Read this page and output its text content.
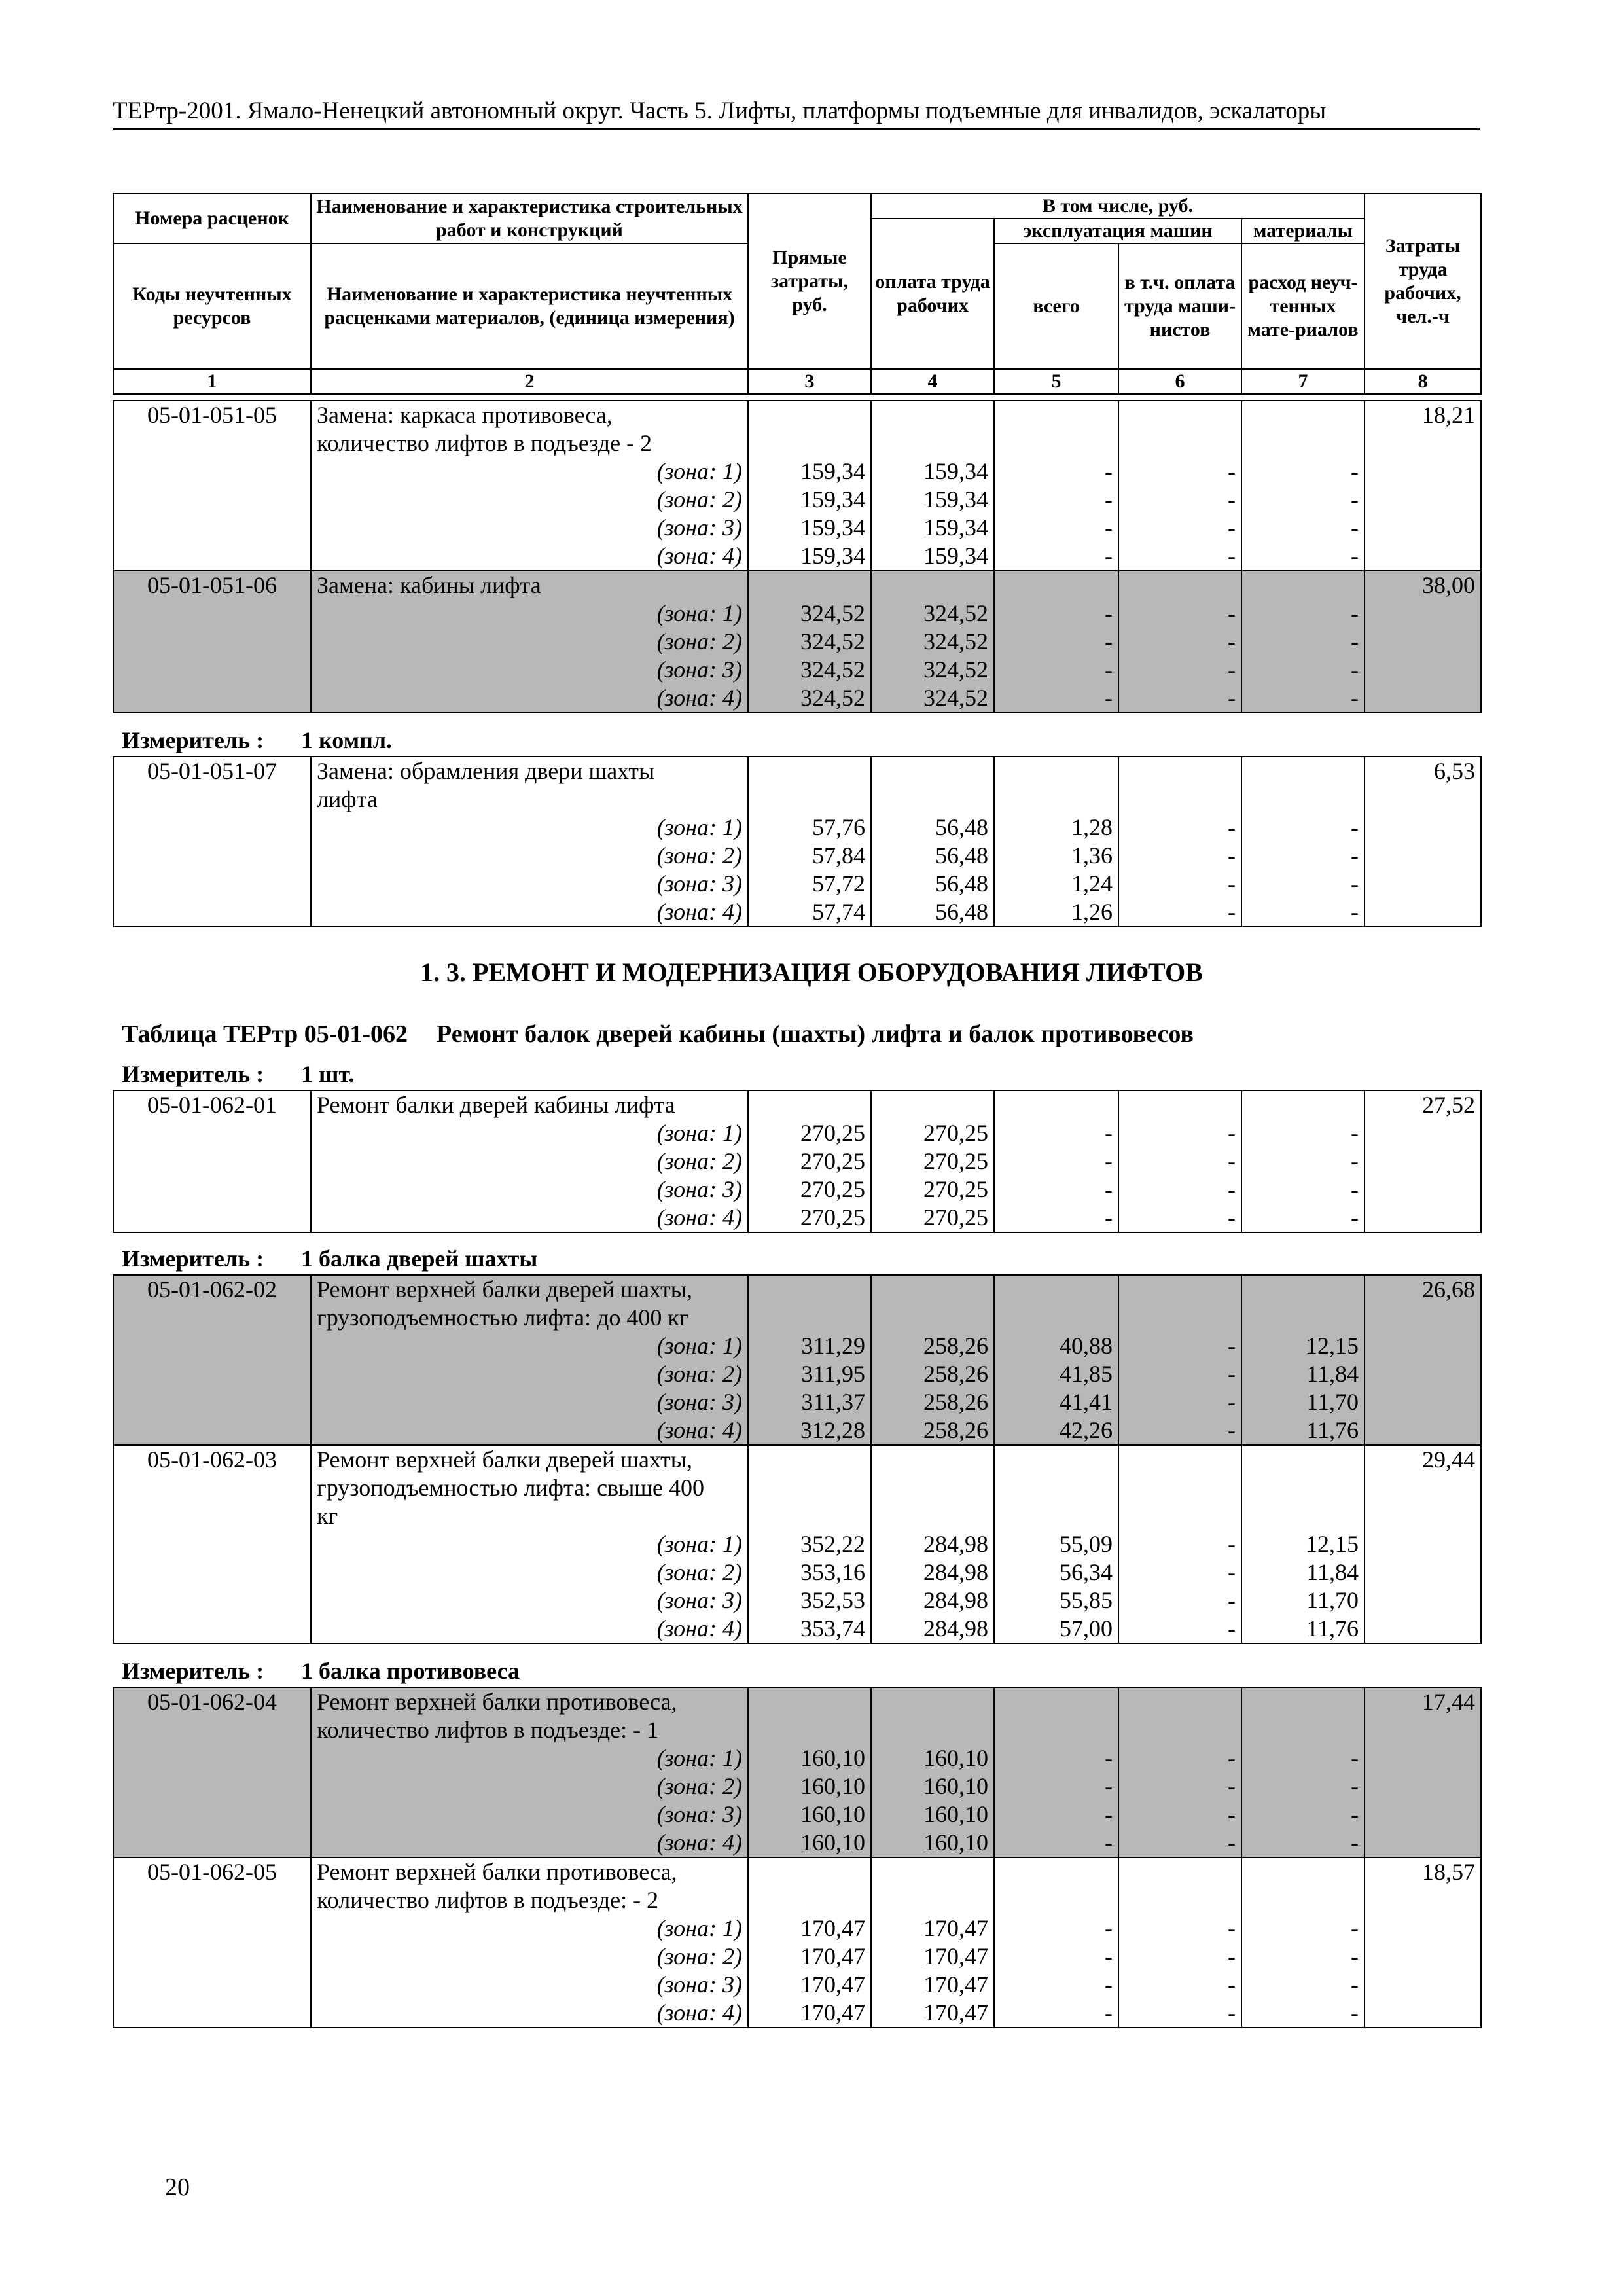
ТЕРтр-2001. Ямало-Ненецкий автономный округ. Часть 5. Лифты, платформы подъемные для инвалидов, эскалаторы
Номера расценок	Наименование и характеристика строительных работ и конструкций	Прямые затраты, руб.	В том числе, руб.				Затраты труда рабочих, чел.-ч
			оплата труда рабочих	эксплуатация машин		материалы	
Коды неучтенных ресурсов	Наименование и характеристика неучтенных расценками материалов, (единица измерения)			всего	в т.ч. оплата труда маши-нистов	расход неуч-тенных мате-риалов	
1	2	3	4	5	6	7	8
05-01-051-05	Замена: каркаса противовеса,						18,21
	количество лифтов в подъезде - 2						
	(зона: 1)	159,34	159,34	-	-	-	
	(зона: 2)	159,34	159,34	-	-	-	
	(зона: 3)	159,34	159,34	-	-	-	
	(зона: 4)	159,34	159,34	-	-	-	
05-01-051-06	Замена: кабины лифта						38,00
	(зона: 1)	324,52	324,52	-	-	-	
	(зона: 2)	324,52	324,52	-	-	-	
	(зона: 3)	324,52	324,52	-	-	-	
	(зона: 4)	324,52	324,52	-	-	-	
Измеритель : 1 компл.
05-01-051-07	Замена: обрамления двери шахты						6,53
	лифта						
	(зона: 1)	57,76	56,48	1,28	-	-	
	(зона: 2)	57,84	56,48	1,36	-	-	
	(зона: 3)	57,72	56,48	1,24	-	-	
	(зона: 4)	57,74	56,48	1,26	-	-	
1. 3. РЕМОНТ И МОДЕРНИЗАЦИЯ ОБОРУДОВАНИЯ ЛИФТОВ
Таблица ТЕРтр 05-01-062 Ремонт балок дверей кабины (шахты) лифта и балок противовесов
Измеритель : 1 шт.
05-01-062-01	Ремонт балки дверей кабины лифта						27,52
	(зона: 1)	270,25	270,25	-	-	-	
	(зона: 2)	270,25	270,25	-	-	-	
	(зона: 3)	270,25	270,25	-	-	-	
	(зона: 4)	270,25	270,25	-	-	-	
Измеритель : 1 балка дверей шахты
05-01-062-02	Ремонт верхней балки дверей шахты,						26,68
	грузоподъемностью лифта: до 400 кг						
	(зона: 1)	311,29	258,26	40,88	-	12,15	
	(зона: 2)	311,95	258,26	41,85	-	11,84	
	(зона: 3)	311,37	258,26	41,41	-	11,70	
	(зона: 4)	312,28	258,26	42,26	-	11,76	
05-01-062-03	Ремонт верхней балки дверей шахты,						29,44
	грузоподъемностью лифта: свыше 400						
	кг						
	(зона: 1)	352,22	284,98	55,09	-	12,15	
	(зона: 2)	353,16	284,98	56,34	-	11,84	
	(зона: 3)	352,53	284,98	55,85	-	11,70	
	(зона: 4)	353,74	284,98	57,00	-	11,76	
Измеритель : 1 балка противовеса
05-01-062-04	Ремонт верхней балки противовеса,						17,44
	количество лифтов в подъезде: - 1						
	(зона: 1)	160,10	160,10	-	-	-	
	(зона: 2)	160,10	160,10	-	-	-	
	(зона: 3)	160,10	160,10	-	-	-	
	(зона: 4)	160,10	160,10	-	-	-	
05-01-062-05	Ремонт верхней балки противовеса,						18,57
	количество лифтов в подъезде: - 2						
	(зона: 1)	170,47	170,47	-	-	-	
	(зона: 2)	170,47	170,47	-	-	-	
	(зона: 3)	170,47	170,47	-	-	-	
	(зона: 4)	170,47	170,47	-	-	-	
20
